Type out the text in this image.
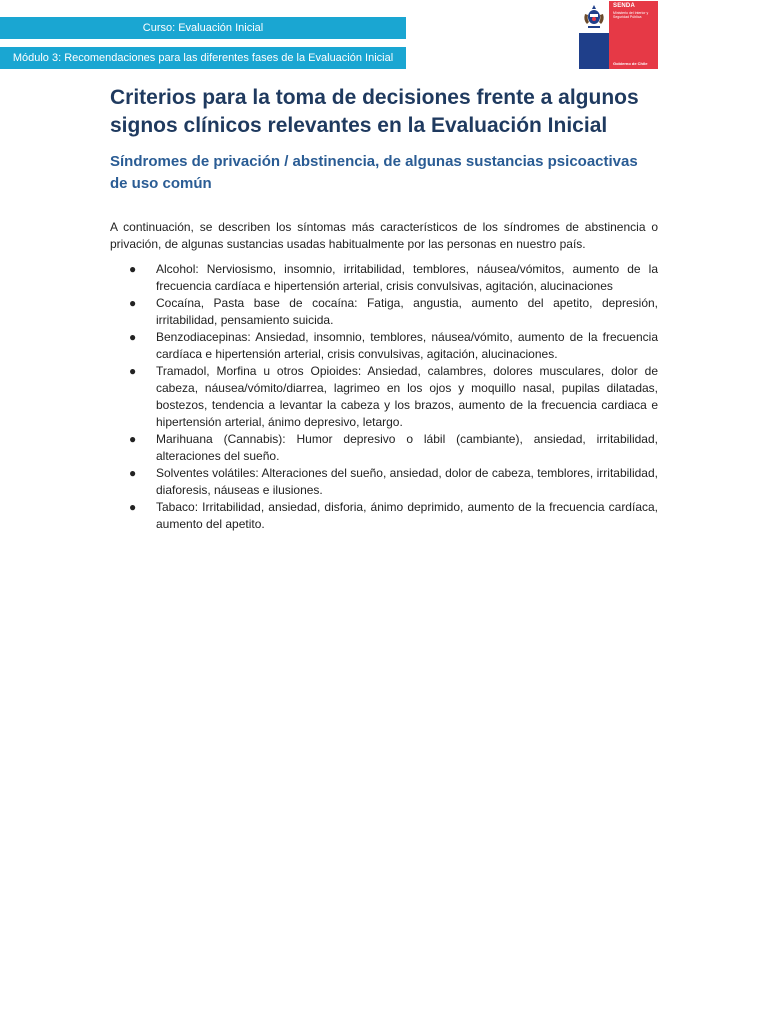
Curso: Evaluación Inicial
Módulo 3: Recomendaciones para las diferentes fases de la Evaluación Inicial
SENDA
Ministerio del Interior y Seguridad Pública
Gobierno de Chile
Criterios para la toma de decisiones frente a algunos signos clínicos relevantes en la Evaluación Inicial
Síndromes de privación / abstinencia, de algunas sustancias psicoactivas de uso común

A continuación, se describen los síntomas más característicos de los síndromes de abstinencia o privación, de algunas sustancias usadas habitualmente por las personas en nuestro país.

● Alcohol: Nerviosismo, insomnio, irritabilidad, temblores, náusea/vómitos, aumento de la frecuencia cardíaca e hipertensión arterial, crisis convulsivas, agitación, alucinaciones
● Cocaína, Pasta base de cocaína: Fatiga, angustia, aumento del apetito, depresión, irritabilidad, pensamiento suicida.
● Benzodiacepinas: Ansiedad, insomnio, temblores, náusea/vómito, aumento de la frecuencia cardíaca e hipertensión arterial, crisis convulsivas, agitación, alucinaciones.
● Tramadol, Morfina u otros Opioides: Ansiedad, calambres, dolores musculares, dolor de cabeza, náusea/vómito/diarrea, lagrimeo en los ojos y moquillo nasal, pupilas dilatadas, bostezos, tendencia a levantar la cabeza y los brazos, aumento de la frecuencia cardiaca e hipertensión arterial, ánimo depresivo, letargo.
● Marihuana (Cannabis): Humor depresivo o lábil (cambiante), ansiedad, irritabilidad, alteraciones del sueño.
● Solventes volátiles: Alteraciones del sueño, ansiedad, dolor de cabeza, temblores, irritabilidad, diaforesis, náuseas e ilusiones.
● Tabaco: Irritabilidad, ansiedad, disforia, ánimo deprimido, aumento de la frecuencia cardíaca, aumento del apetito.
